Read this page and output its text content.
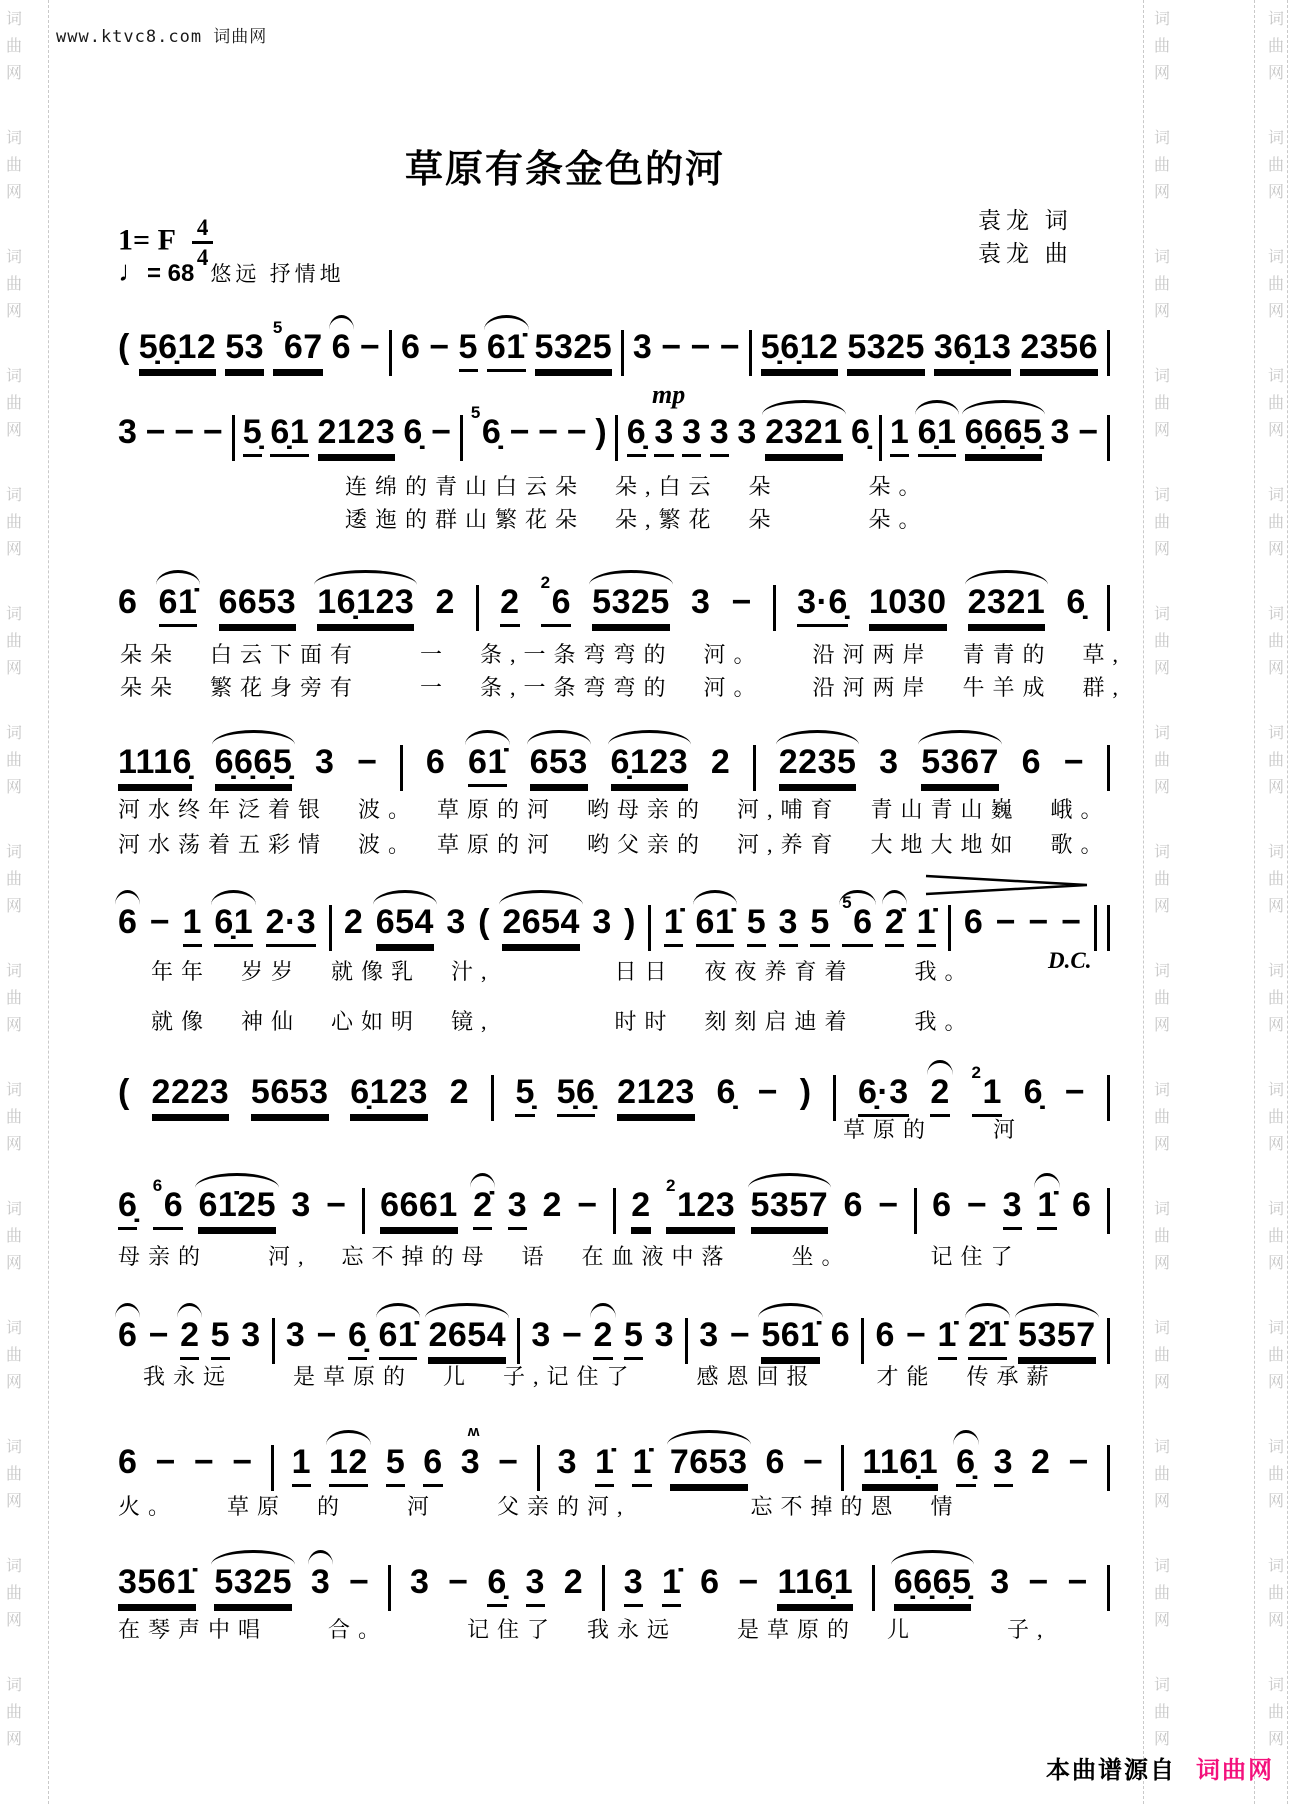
www.ktvc8.com 词曲网
词
曲
网
词
曲
网
词
曲
网
词
曲
网
词
曲
网
词
曲
网
词
曲
网
词
曲
网
词
曲
网
词
曲
网
词
曲
网
词
曲
网
词
曲
网
词
曲
网
词
曲
网
词
曲
网
词
曲
网
词
曲
网
词
曲
网
词
曲
网
词
曲
网
词
曲
网
词
曲
网
词
曲
网
词
曲
网
词
曲
网
词
曲
网
词
曲
网
词
曲
网
词
曲
网
词
曲
网
词
曲
网
词
曲
网
词
曲
网
词
曲
网
词
曲
网
词
曲
网
词
曲
网
词
曲
网
词
曲
网
词
曲
网
词
曲
网
词
曲
网
词
曲
网
词
曲
网
草原有条金色的河
袁龙 词
袁龙 曲
1= F $\frac{4}{4}$
♩= 68 悠远 抒情地
mp
D.C.
( 5̣6̣12 53
$^5$67 6 − 6 − 5 61̇ 5325 3 − − − 5̣6̣12 5325 36̣13 2356
3 − − − 5̣ 6̣1 2123 6̣ −
$^5$6̣ − − − ) 6̣ 3 3 3 3 2321 6̣ 1 6̣1 6̣6̣6̣5̣ 3 −
连绵的青山白云朵　朵,白云　朵　　　朵。
逶迤的群山繁花朵　朵,繁花　朵　　　朵。
6 61̇ 6653 16̣123 2 2
$^2$6 5325 3 − 3·6̣ 1030 2321 6̣
朵朵　白云下面有　　一　条,一条弯弯的　河。　　沿河两岸　青青的　草,
朵朵　繁花身旁有　　一　条,一条弯弯的　河。　　沿河两岸　牛羊成　群,
1116̣ 6̣6̣6̣5̣ 3 − 6 61̇ 653 6̣123 2 2235 3 5367 6 −
河水终年泛着银　波。　草原的河　哟母亲的　河,哺育　青山青山巍　峨。
河水荡着五彩情　波。　草原的河　哟父亲的　河,养育　大地大地如　歌。
6 − 1 6̣1 2·3 2 654 3 ( 2654 3 ) 1̇ 61̇ 5 3 5
$^5$6 2̇ 1̇ 6 − − −
年年　岁岁　就像乳　汁,　　　　日日　夜夜养育着　　我。
就像　神仙　心如明　镜,　　　　时时　刻刻启迪着　　我。
( 2223 5653 6̣123 2 5̣ 5̣6̣ 2123 6̣ − ) 6̣·3 2
$^2$1 6̣ −
草原的　　河
6̣
$^6$6 61̇25 3 − 6661 2̇ 3 2 − 2
$^2$123 5357 6 − 6 − 3 1̇ 6
母亲的　　河,　忘不掉的母　语　在血液中落　　坐。　　　记住了
6 − 2 5 3 3 − 6̣ 61̇ 2654 3 − 2 5 3 3 − 561̇ 6 6 − 1̇ 2̇1̇ 5357
我永远　　是草原的　儿　子,记住了　　感恩回报　　才能　传承薪
6 − − − 1 12 5 6
ʍ
3 − 3 1̇ 1̇ 7653 6 − 116̣1 6̣ 3 2 −
火。　　草原　的　　河　　父亲的河,　　　　忘不掉的恩　情
3561̇ 5325 3 − 3 − 6̣ 3 2 3 1̇ 6 − 116̣1 6̣6̣6̣5̣ 3 − −
在琴声中唱　　合。　　　记住了　我永远　　是草原的　儿　　　子,
本曲谱源自 词曲网
